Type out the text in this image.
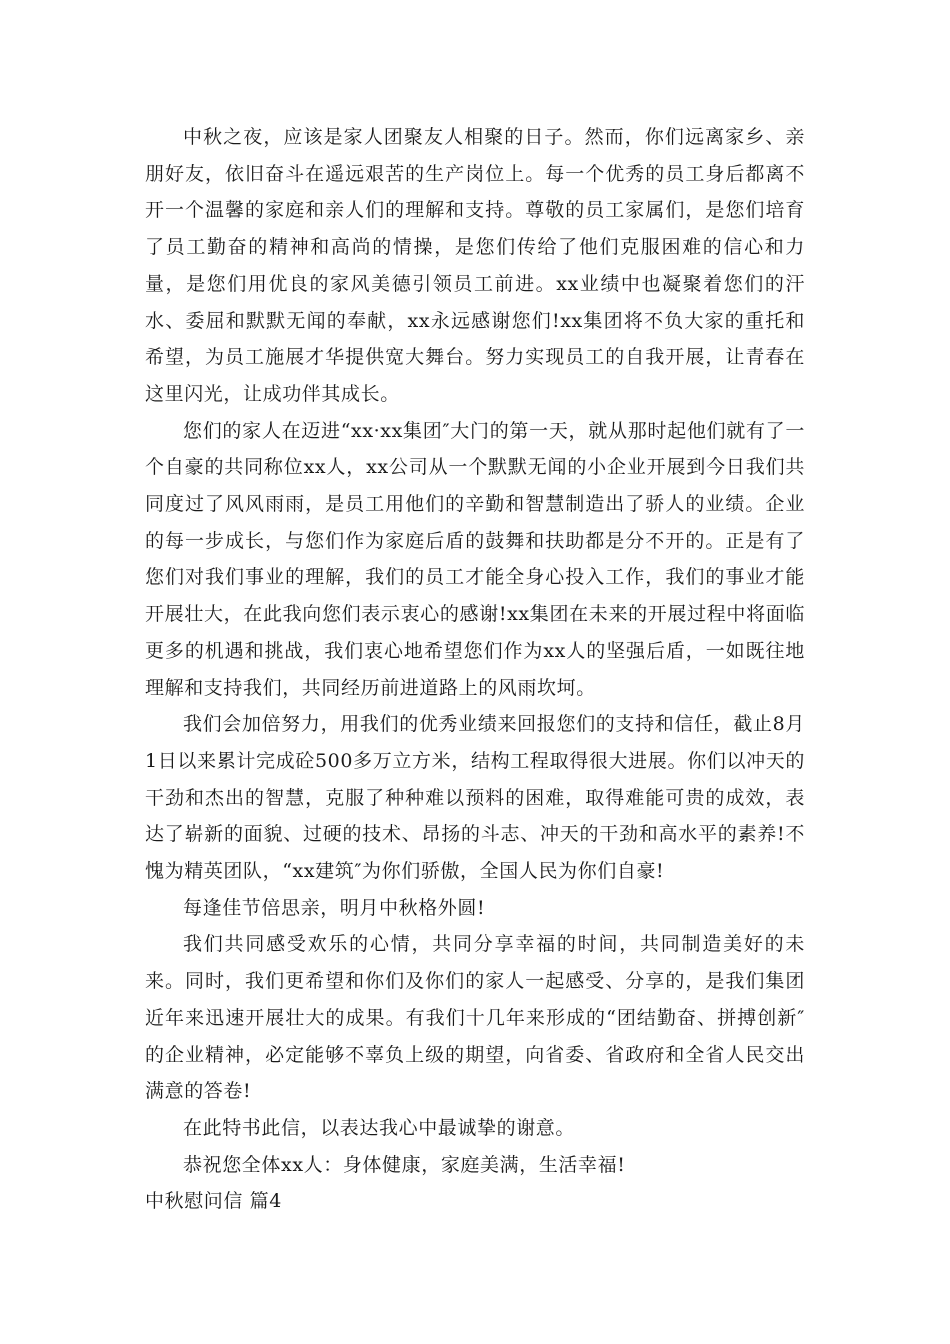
中秋之夜，应该是家人团聚友人相聚的日子。然而，你们远离家乡、亲朋好友，依旧奋斗在遥远艰苦的生产岗位上。每一个优秀的员工身后都离不开一个温馨的家庭和亲人们的理解和支持。尊敬的员工家属们，是您们培育了员工勤奋的精神和高尚的情操，是您们传给了他们克服困难的信心和力量，是您们用优良的家风美德引领员工前进。xx业绩中也凝聚着您们的汗水、委屈和默默无闻的奉献，xx永远感谢您们!xx集团将不负大家的重托和希望，为员工施展才华提供宽大舞台。努力实现员工的自我开展，让青春在这里闪光，让成功伴其成长。

您们的家人在迈进“xx·xx集团″大门的第一天，就从那时起他们就有了一个自豪的共同称位xx人，xx公司从一个默默无闻的小企业开展到今日我们共同度过了风风雨雨，是员工用他们的辛勤和智慧制造出了骄人的业绩。企业的每一步成长，与您们作为家庭后盾的鼓舞和扶助都是分不开的。正是有了您们对我们事业的理解，我们的员工才能全身心投入工作，我们的事业才能开展壮大，在此我向您们表示衷心的感谢!xx集团在未来的开展过程中将面临更多的机遇和挑战，我们衷心地希望您们作为xx人的坚强后盾，一如既往地理解和支持我们，共同经历前进道路上的风雨坎坷。

我们会加倍努力，用我们的优秀业绩来回报您们的支持和信任，截止8月1日以来累计完成砼500多万立方米，结构工程取得很大进展。你们以冲天的干劲和杰出的智慧，克服了种种难以预料的困难，取得难能可贵的成效，表达了崭新的面貌、过硬的技术、昂扬的斗志、冲天的干劲和高水平的素养!不愧为精英团队，“xx建筑″为你们骄傲，全国人民为你们自豪!

每逢佳节倍思亲，明月中秋格外圆!

我们共同感受欢乐的心情，共同分享幸福的时间，共同制造美好的未来。同时，我们更希望和你们及你们的家人一起感受、分享的，是我们集团近年来迅速开展壮大的成果。有我们十几年来形成的“团结勤奋、拼搏创新″的企业精神，必定能够不辜负上级的期望，向省委、省政府和全省人民交出满意的答卷!

在此特书此信，以表达我心中最诚挚的谢意。

恭祝您全体xx人：身体健康，家庭美满，生活幸福!

中秋慰问信 篇4
